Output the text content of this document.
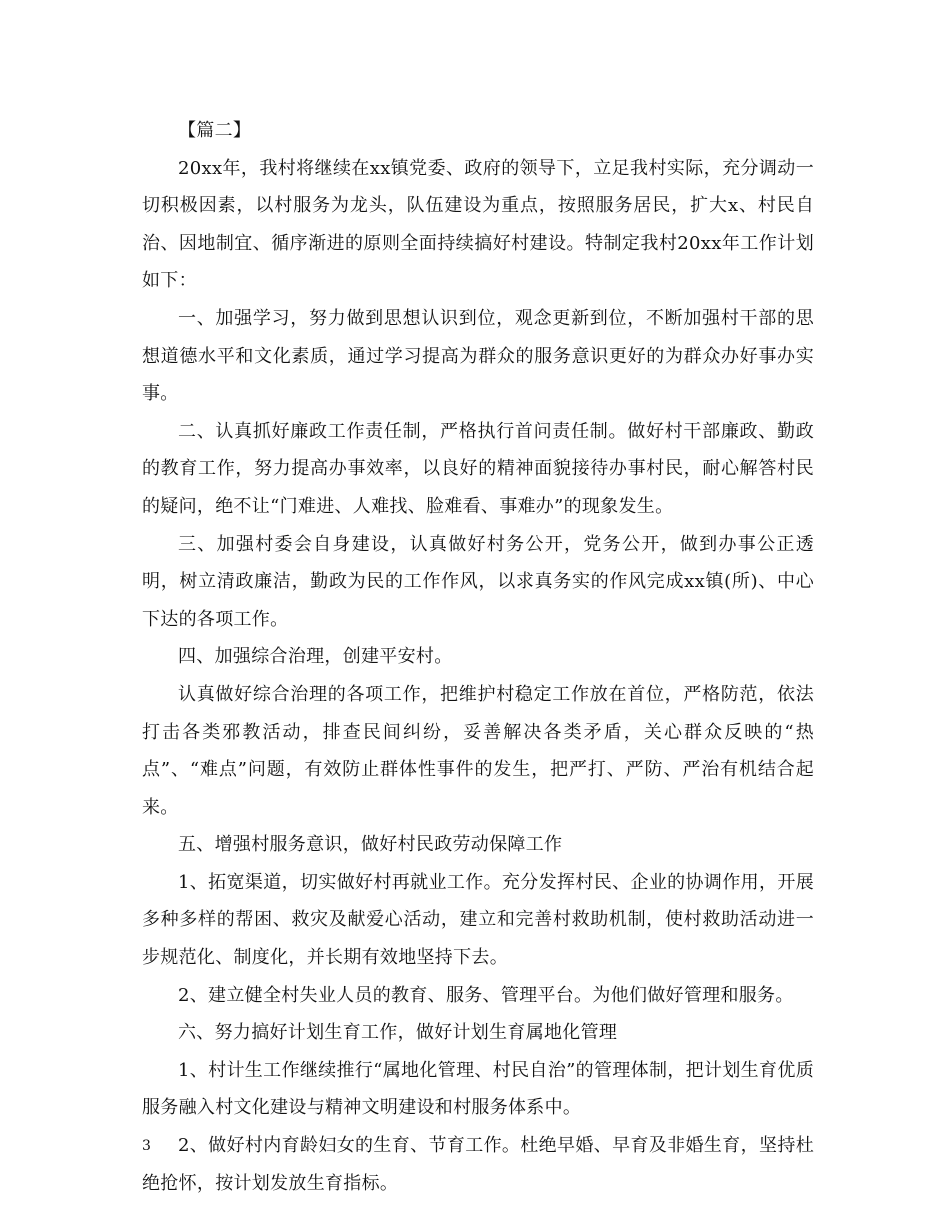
【篇二】

20xx年，我村将继续在xx镇党委、政府的领导下，立足我村实际，充分调动一切积极因素，以村服务为龙头，队伍建设为重点，按照服务居民，扩大x、村民自治、因地制宜、循序渐进的原则全面持续搞好村建设。特制定我村20xx年工作计划如下：

一、加强学习，努力做到思想认识到位，观念更新到位，不断加强村干部的思想道德水平和文化素质，通过学习提高为群众的服务意识更好的为群众办好事办实事。

二、认真抓好廉政工作责任制，严格执行首问责任制。做好村干部廉政、勤政的教育工作，努力提高办事效率，以良好的精神面貌接待办事村民，耐心解答村民的疑问，绝不让“门难进、人难找、脸难看、事难办”的现象发生。

三、加强村委会自身建设，认真做好村务公开，党务公开，做到办事公正透明，树立清政廉洁，勤政为民的工作作风，以求真务实的作风完成xx镇(所)、中心下达的各项工作。

四、加强综合治理，创建平安村。

认真做好综合治理的各项工作，把维护村稳定工作放在首位，严格防范，依法打击各类邪教活动，排查民间纠纷，妥善解决各类矛盾，关心群众反映的“热点”、“难点”问题，有效防止群体性事件的发生，把严打、严防、严治有机结合起来。

五、增强村服务意识，做好村民政劳动保障工作

1、拓宽渠道，切实做好村再就业工作。充分发挥村民、企业的协调作用，开展多种多样的帮困、救灾及献爱心活动，建立和完善村救助机制，使村救助活动进一步规范化、制度化，并长期有效地坚持下去。

2、建立健全村失业人员的教育、服务、管理平台。为他们做好管理和服务。

六、努力搞好计划生育工作，做好计划生育属地化管理

1、村计生工作继续推行“属地化管理、村民自治”的管理体制，把计划生育优质服务融入村文化建设与精神文明建设和村服务体系中。

2、做好村内育龄妇女的生育、节育工作。杜绝早婚、早育及非婚生育，坚持杜绝抢怀，按计划发放生育指标。

3
